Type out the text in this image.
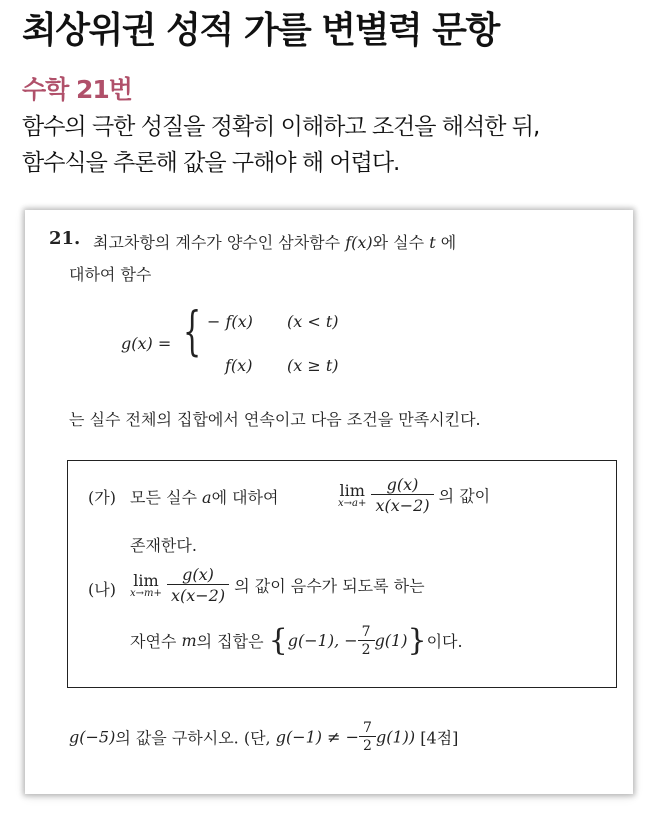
최상위권 성적 가를 변별력 문항
수학 21번
함수의 극한 성질을 정확히 이해하고 조건을 해석한 뒤,
함수식을 추론해 값을 구해야 해 어렵다.
21. 최고차항의 계수가 양수인 삼차함수 f(x)와 실수 t 에
대하여 함수
g(x) = { − f(x) (x < t)
f(x) (x ≥ t)
는 실수 전체의 집합에서 연속이고 다음 조건을 만족시킨다.
(가) 모든 실수 a에 대하여	lim
x→a+
$\frac{g(x)}{x(x-2)}$ 의 값이
존재한다.
(나) lim
x→m+
$\frac{g(x)}{x(x-2)}$ 의 값이 음수가 되도록 하는
자연수 m의 집합은 {g(−1), − $\frac{7}{2} g(1)$}이다.
g(−5)의 값을 구하시오. (단, g(−1) ≠ − $\frac{7}{2} g(1)$) [4점]
